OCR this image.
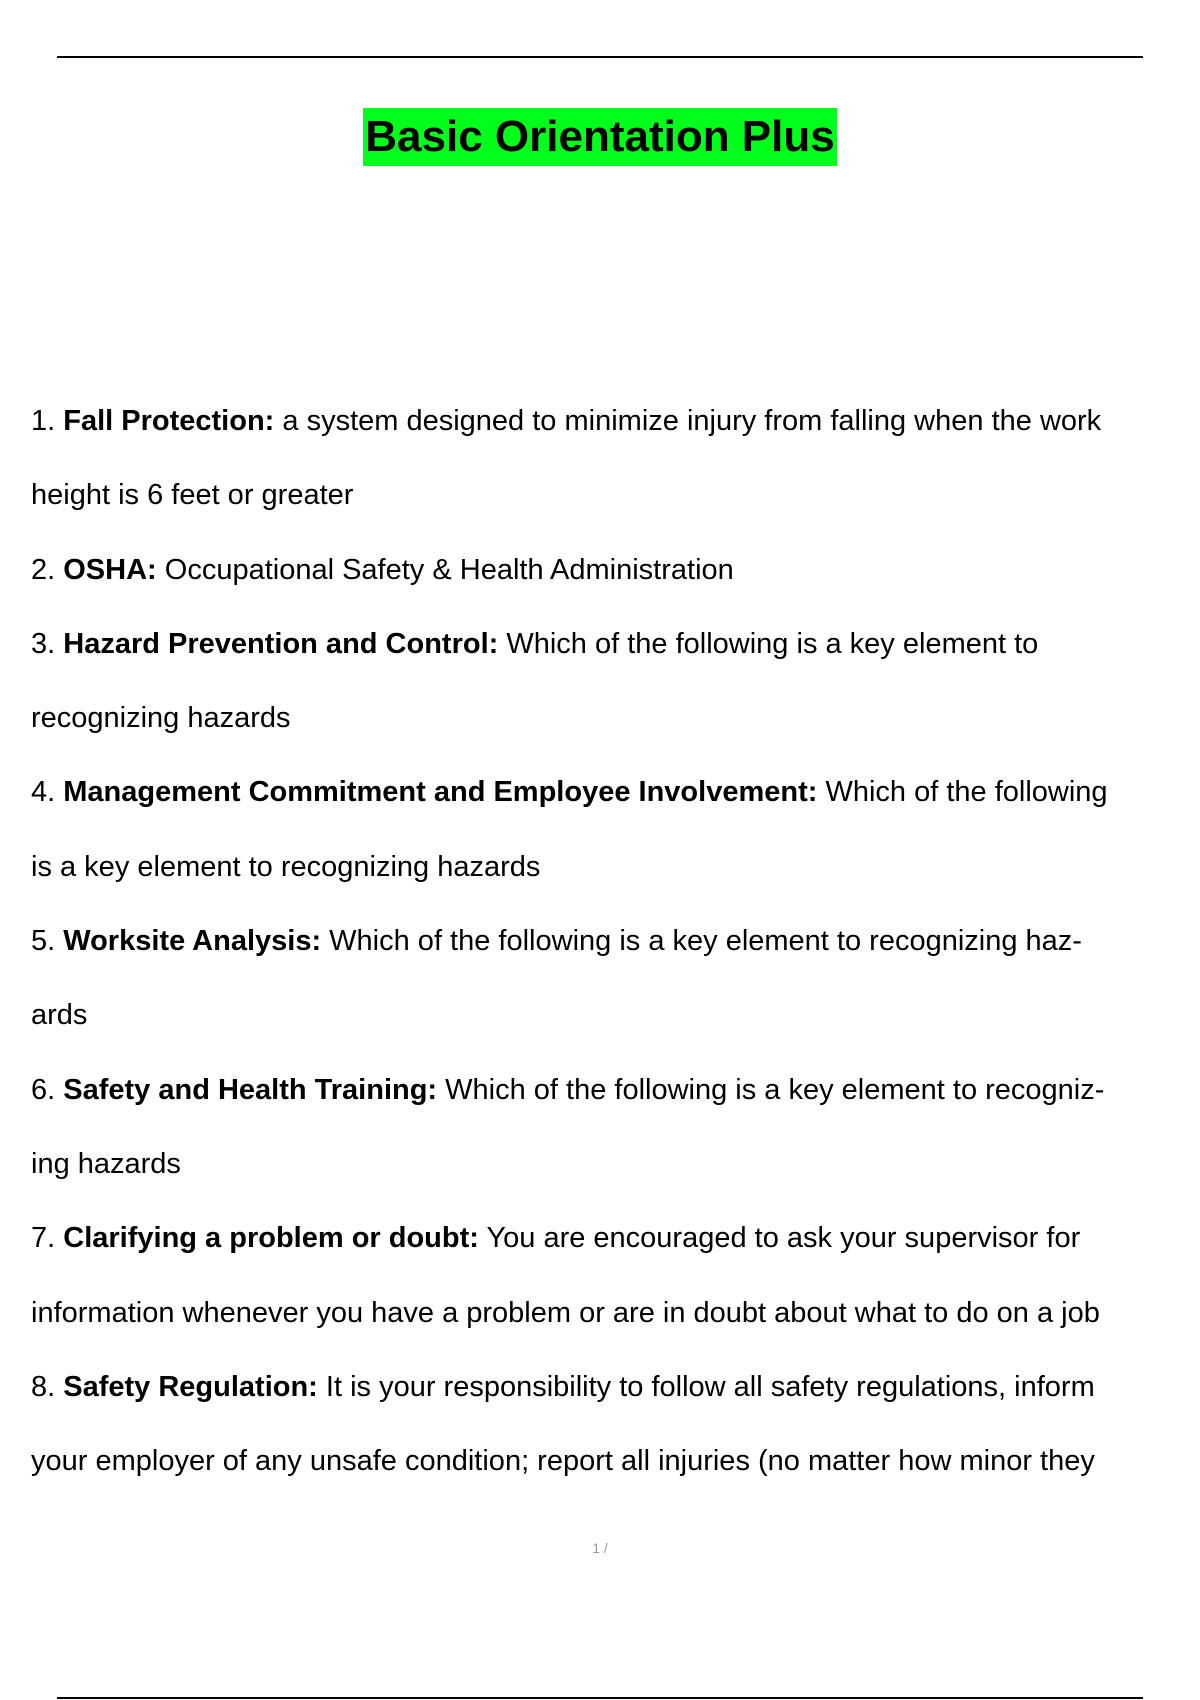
Basic Orientation Plus

1. Fall Protection: a system designed to minimize injury from falling when the work
height is 6 feet or greater

2. OSHA: Occupational Safety & Health Administration

3. Hazard Prevention and Control: Which of the following is a key element to
recognizing hazards

4. Management Commitment and Employee Involvement: Which of the following
is a key element to recognizing hazards

5. Worksite Analysis: Which of the following is a key element to recognizing haz-
ards

6. Safety and Health Training: Which of the following is a key element to recogniz-
ing hazards

7. Clarifying a problem or doubt: You are encouraged to ask your supervisor for
information whenever you have a problem or are in doubt about what to do on a job

8. Safety Regulation: It is your responsibility to follow all safety regulations, inform
your employer of any unsafe condition; report all injuries (no matter how minor they

1 /
